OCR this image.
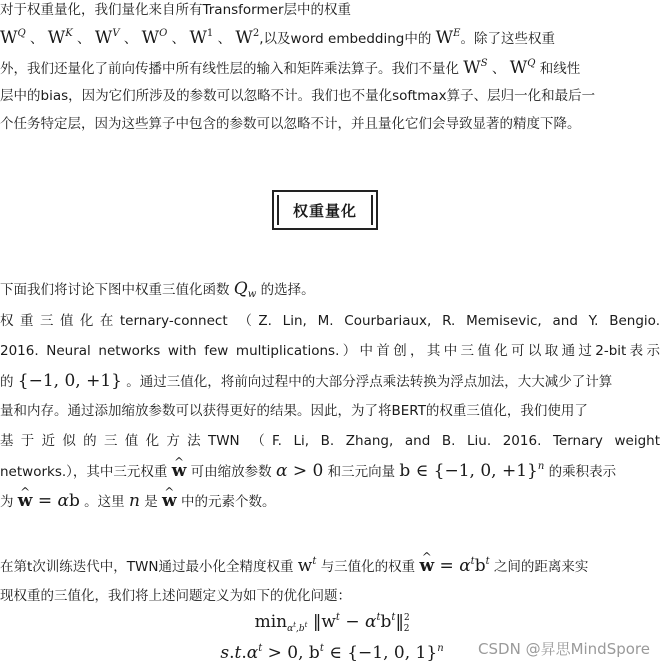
对于权重量化，我们量化来自所有Transformer层中的权重
$W^Q$ 、 $W^K$ 、 $W^V$ 、 $W^O$ 、 $W^1$ 、 $W^2$,以及word embedding中的 $W^E$。除了这些权重
外，我们还量化了前向传播中所有线性层的输入和矩阵乘法算子。我们不量化 $W^S$ 、 $W^Q$ 和线性
层中的bias，因为它们所涉及的参数可以忽略不计。我们也不量化softmax算子、层归一化和最后一
个任务特定层，因为这些算子中包含的参数可以忽略不计，并且量化它们会导致显著的精度下降。
权重量化
下面我们将讨论下图中权重三值化函数 $Q_w$ 的选择。
权重三值化在ternary-connect （Z. Lin, M. Courbariaux, R. Memisevic, and Y. Bengio.
2016. Neural networks with few multiplications.）中首创，其中三值化可以取通过2-bit表示
的 {−1, 0, +1} 。通过三值化，将前向过程中的大部分浮点乘法转换为浮点加法，大大减少了计算
量和内存。通过添加缩放参数可以获得更好的结果。因此，为了将BERT的权重三值化，我们使用了
基于近似的三值化方法TWN （F. Li, B. Zhang, and B. Liu. 2016. Ternary weight
networks.），其中三元权重 ^ w 可由缩放参数 α > 0 和三元向量 b ∈ {−1, 0, +1}$^n$ 的乘积表示
为 ^ w = αb 。这里 n 是 ^ w 中的元素个数。
在第t次训练迭代中，TWN通过最小化全精度权重 $w^t$ 与三值化的权重 ^ $w = \alpha^tb^t$ 之间的距离来实
现权重的三值化，我们将上述问题定义为如下的优化问题：
$\min_{\alpha^t,b^t}$ $‖w^t$ − $\alpha^tb^t‖^2_2$
$s.t.\alpha^t > 0$, $b^t$ ∈ {−1, 0, 1}$^n$	CSDN @昇思MindSpore
